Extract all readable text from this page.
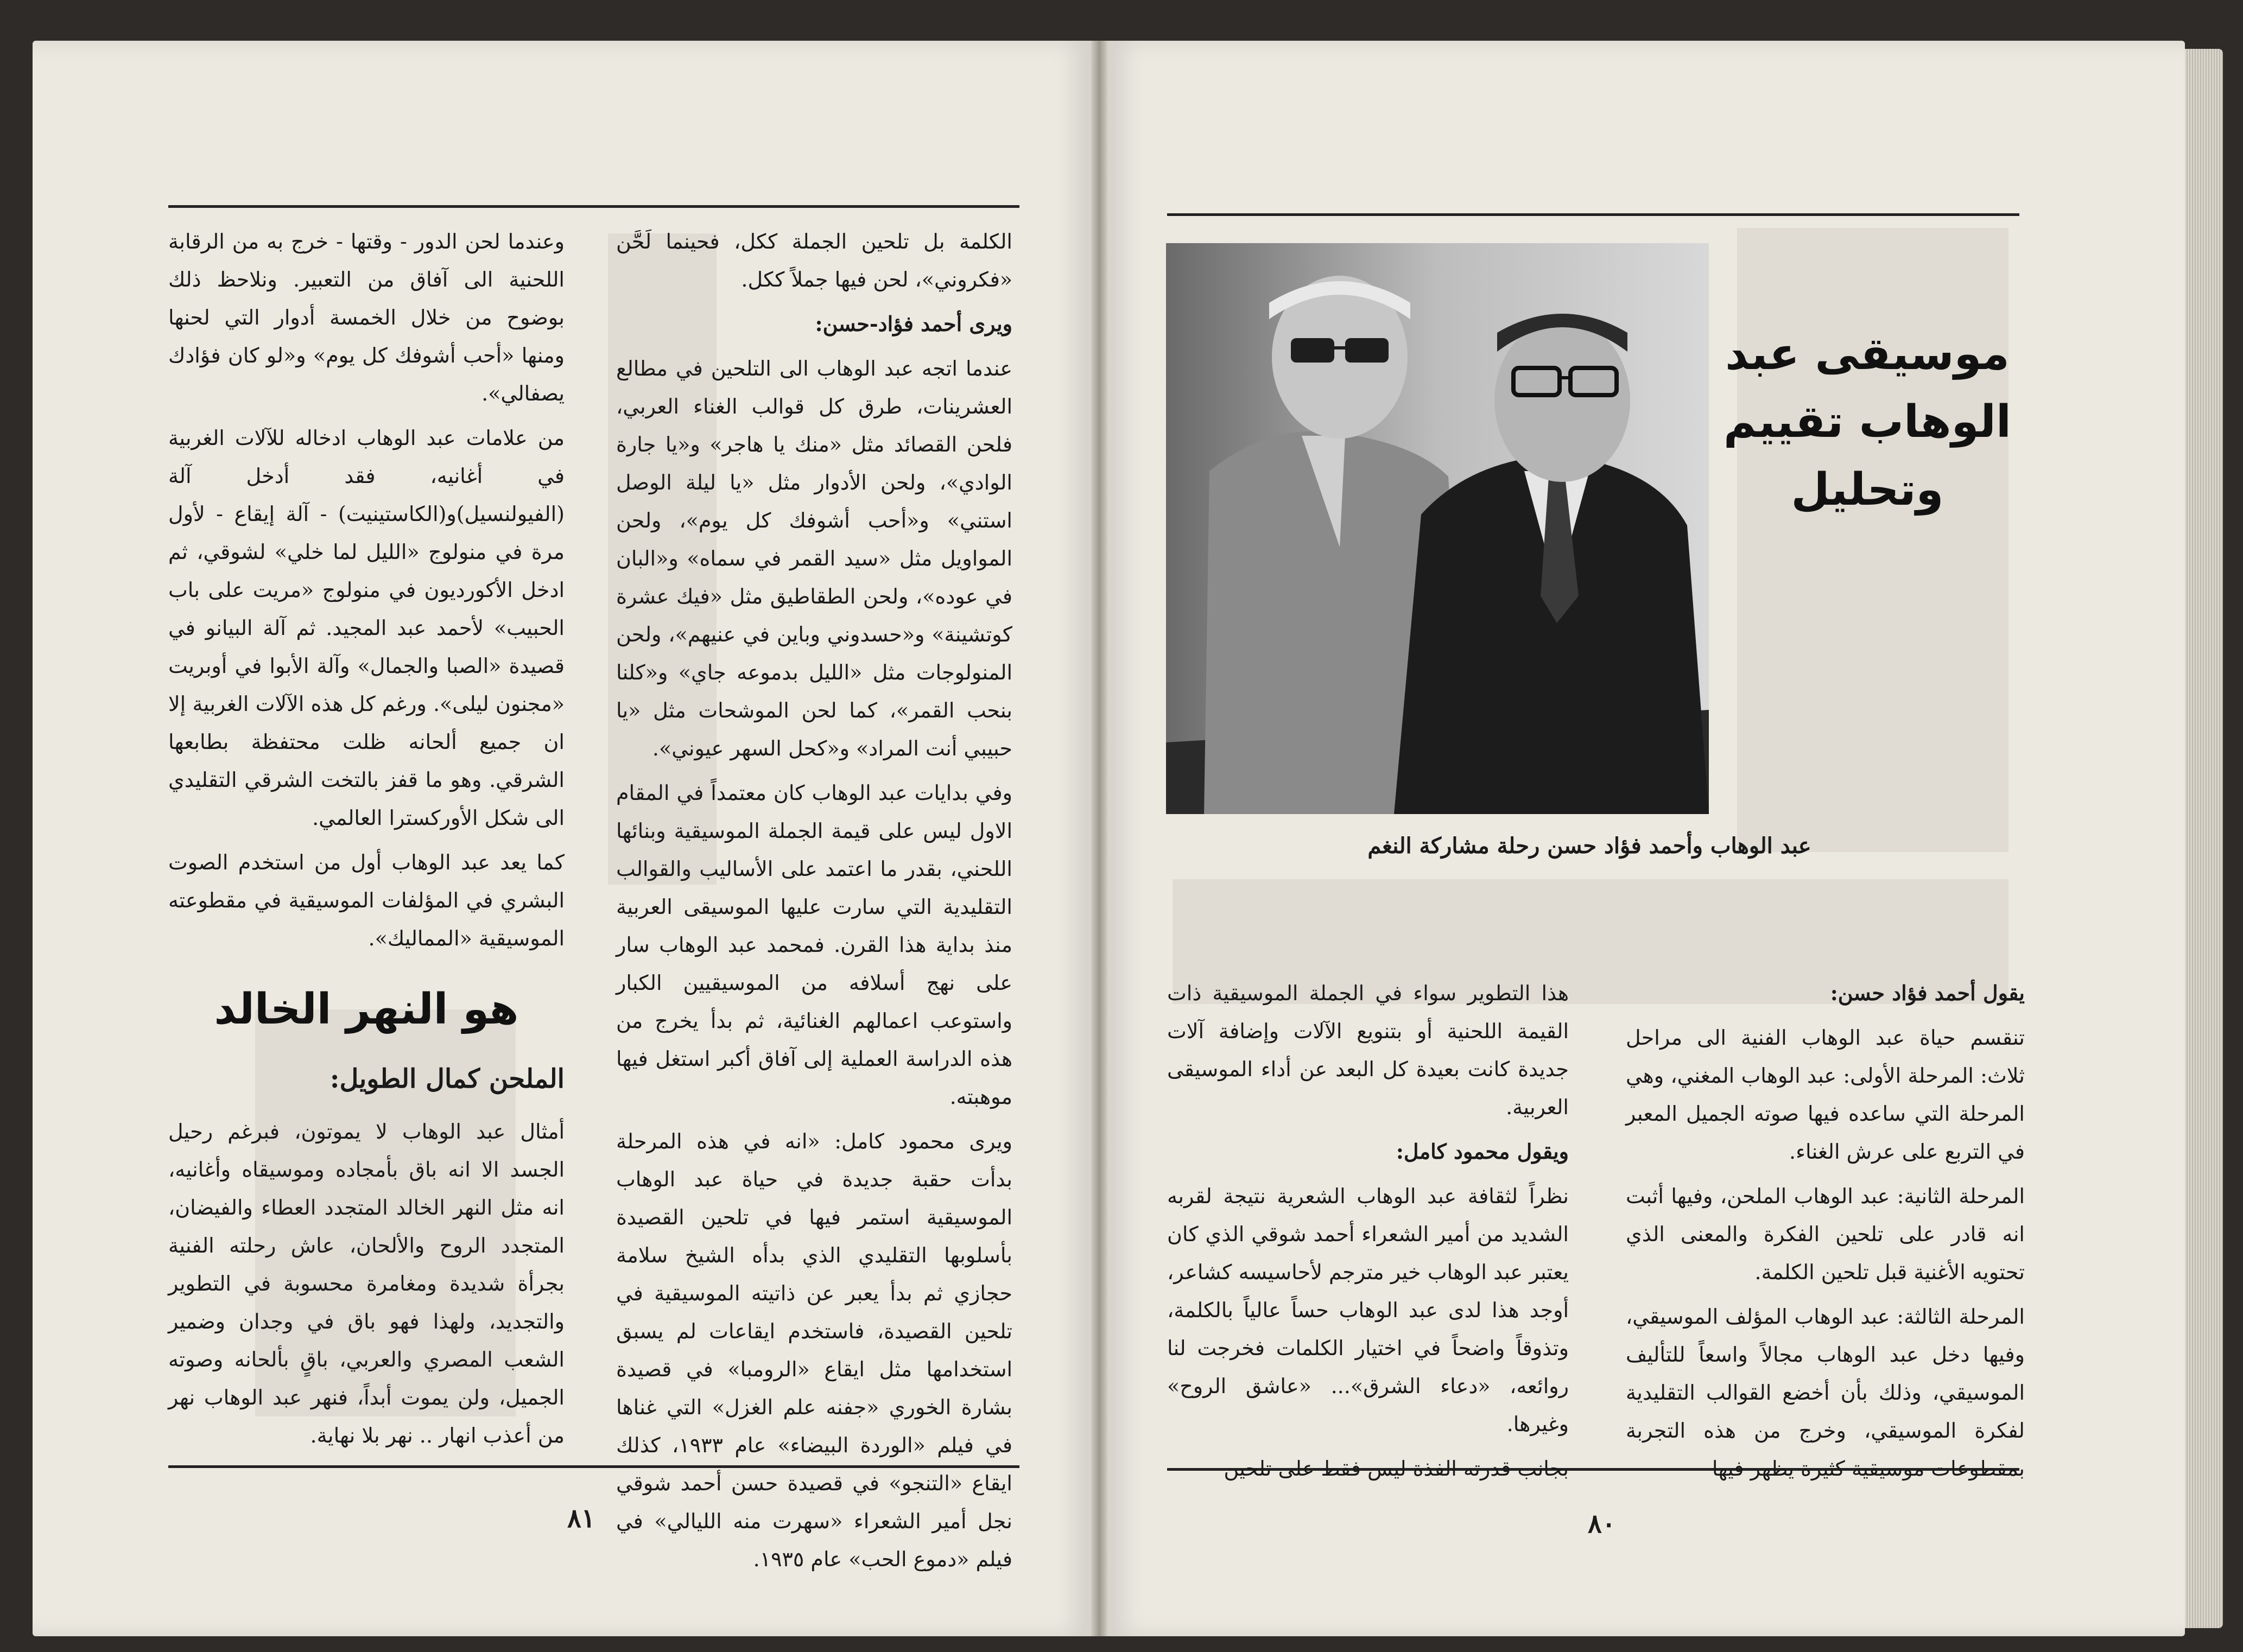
الكلمة بل تلحين الجملة ككل، فحينما لَحَّن «فكروني»، لحن فيها جملاً ككل.

ويرى أحمد فؤاد-حسن:

عندما اتجه عبد الوهاب الى التلحين في مطالع العشرينات، طرق كل قوالب الغناء العربي، فلحن القصائد مثل «منك يا هاجر» و«يا جارة الوادي»، ولحن الأدوار مثل «يا ليلة الوصل استني» و«أحب أشوفك كل يوم»، ولحن المواويل مثل «سيد القمر في سماه» و«البان في عوده»، ولحن الطقاطيق مثل «فيك عشرة كوتشينة» و«حسدوني وباين في عنيهم»، ولحن المنولوجات مثل «الليل بدموعه جاي» و«كلنا بنحب القمر»، كما لحن الموشحات مثل «يا حبيبي أنت المراد» و«كحل السهر عيوني».

وفي بدايات عبد الوهاب كان معتمداً في المقام الاول ليس على قيمة الجملة الموسيقية وبنائها اللحني، بقدر ما اعتمد على الأساليب والقوالب التقليدية التي سارت عليها الموسيقى العربية منذ بداية هذا القرن. فمحمد عبد الوهاب سار على نهج أسلافه من الموسيقيين الكبار واستوعب اعمالهم الغنائية، ثم بدأ يخرج من هذه الدراسة العملية إلى آفاق أكبر استغل فيها موهبته.

ويرى محمود كامل: «انه في هذه المرحلة بدأت حقبة جديدة في حياة عبد الوهاب الموسيقية استمر فيها في تلحين القصيدة بأسلوبها التقليدي الذي بدأه الشيخ سلامة حجازي ثم بدأ يعبر عن ذاتيته الموسيقية في تلحين القصيدة، فاستخدم ايقاعات لم يسبق استخدامها مثل ايقاع «الرومبا» في قصيدة بشارة الخوري «جفنه علم الغزل» التي غناها في فيلم «الوردة البيضاء» عام ١٩٣٣، كذلك ايقاع «التنجو» في قصيدة حسن أحمد شوقي نجل أمير الشعراء «سهرت منه الليالي» في فيلم «دموع الحب» عام ١٩٣٥.

وعندما لحن الدور - وقتها - خرج به من الرقابة اللحنية الى آفاق من التعبير. ونلاحظ ذلك بوضوح من خلال الخمسة أدوار التي لحنها ومنها «أحب أشوفك كل يوم» و«لو كان فؤادك يصفالي».

من علامات عبد الوهاب ادخاله للآلات الغربية في أغانيه، فقد أدخل آلة (الفيولنسيل)و(الكاستينيت) - آلة إيقاع - لأول مرة في منولوج «الليل لما خلي» لشوقي، ثم ادخل الأكورديون في منولوج «مريت على باب الحبيب» لأحمد عبد المجيد. ثم آلة البيانو في قصيدة «الصبا والجمال» وآلة الأبوا في أوبريت «مجنون ليلى». ورغم كل هذه الآلات الغربية إلا ان جميع ألحانه ظلت محتفظة بطابعها الشرقي. وهو ما قفز بالتخت الشرقي التقليدي الى شكل الأوركسترا العالمي.

كما يعد عبد الوهاب أول من استخدم الصوت البشري في المؤلفات الموسيقية في مقطوعته الموسيقية «المماليك».

هو النهر الخالد
الملحن كمال الطويل:

أمثال عبد الوهاب لا يموتون، فبرغم رحيل الجسد الا انه باق بأمجاده وموسيقاه وأغانيه، انه مثل النهر الخالد المتجدد العطاء والفيضان، المتجدد الروح والألحان، عاش رحلته الفنية بجرأة شديدة ومغامرة محسوبة في التطوير والتجديد، ولهذا فهو باق في وجدان وضمير الشعب المصري والعربي، باقٍ بألحانه وصوته الجميل، ولن يموت أبداً، فنهر عبد الوهاب نهر من أعذب انهار .. نهر بلا نهاية.

٨١
عبد الوهاب وأحمد فؤاد حسن رحلة مشاركة النغم
موسيقى عبد
الوهاب تقييم
وتحليل

يقول أحمد فؤاد حسن:

تنقسم حياة عبد الوهاب الفنية الى مراحل ثلاث: المرحلة الأولى: عبد الوهاب المغني، وهي المرحلة التي ساعده فيها صوته الجميل المعبر في التربع على عرش الغناء.

المرحلة الثانية: عبد الوهاب الملحن، وفيها أثبت انه قادر على تلحين الفكرة والمعنى الذي تحتويه الأغنية قبل تلحين الكلمة.

المرحلة الثالثة: عبد الوهاب المؤلف الموسيقي، وفيها دخل عبد الوهاب مجالاً واسعاً للتأليف الموسيقي، وذلك بأن أخضع القوالب التقليدية لفكرة الموسيقي، وخرج من هذه التجربة بمقطوعات موسيقية كثيرة يظهر فيها

هذا التطوير سواء في الجملة الموسيقية ذات القيمة اللحنية أو بتنويع الآلات وإضافة آلات جديدة كانت بعيدة كل البعد عن أداء الموسيقى العربية.

ويقول محمود كامل:

نظراً لثقافة عبد الوهاب الشعرية نتيجة لقربه الشديد من أمير الشعراء أحمد شوقي الذي كان يعتبر عبد الوهاب خير مترجم لأحاسيسه كشاعر، أوجد هذا لدى عبد الوهاب حساً عالياً بالكلمة، وتذوقاً واضحاً في اختيار الكلمات فخرجت لنا روائعه، «دعاء الشرق»... «عاشق الروح» وغيرها.

بجانب قدرته الفذة ليس فقط على تلحين

٨٠
